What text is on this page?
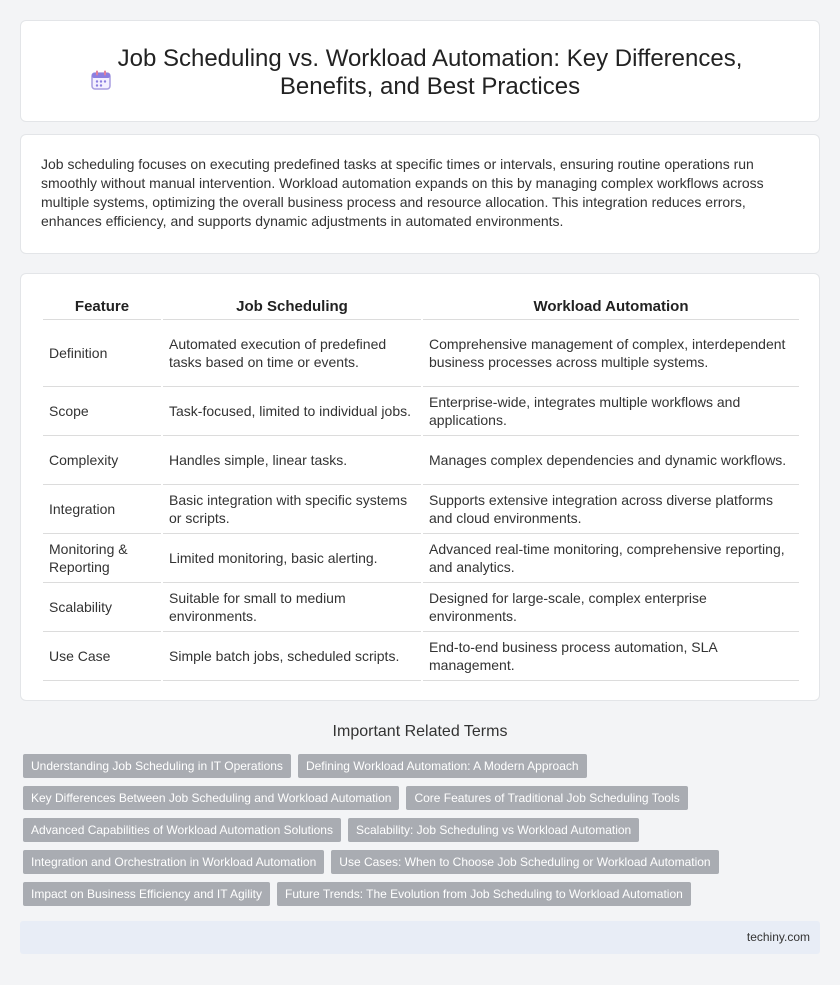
Job Scheduling vs. Workload Automation: Key Differences, Benefits, and Best Practices

Job scheduling focuses on executing predefined tasks at specific times or intervals, ensuring routine operations run smoothly without manual intervention. Workload automation expands on this by managing complex workflows across multiple systems, optimizing the overall business process and resource allocation. This integration reduces errors, enhances efficiency, and supports dynamic adjustments in automated environments.

Feature	Job Scheduling	Workload Automation
Definition	Automated execution of predefined tasks based on time or events.	Comprehensive management of complex, interdependent business processes across multiple systems.
Scope	Task-focused, limited to individual jobs.	Enterprise-wide, integrates multiple workflows and applications.
Complexity	Handles simple, linear tasks.	Manages complex dependencies and dynamic workflows.
Integration	Basic integration with specific systems or scripts.	Supports extensive integration across diverse platforms and cloud environments.
Monitoring & Reporting	Limited monitoring, basic alerting.	Advanced real-time monitoring, comprehensive reporting, and analytics.
Scalability	Suitable for small to medium environments.	Designed for large-scale, complex enterprise environments.
Use Case	Simple batch jobs, scheduled scripts.	End-to-end business process automation, SLA management.
Important Related Terms
Understanding Job Scheduling in IT Operations	Defining Workload Automation: A Modern Approach
Key Differences Between Job Scheduling and Workload Automation	Core Features of Traditional Job Scheduling Tools
Advanced Capabilities of Workload Automation Solutions	Scalability: Job Scheduling vs Workload Automation
Integration and Orchestration in Workload Automation	Use Cases: When to Choose Job Scheduling or Workload Automation
Impact on Business Efficiency and IT Agility	Future Trends: The Evolution from Job Scheduling to Workload Automation
techiny.com
